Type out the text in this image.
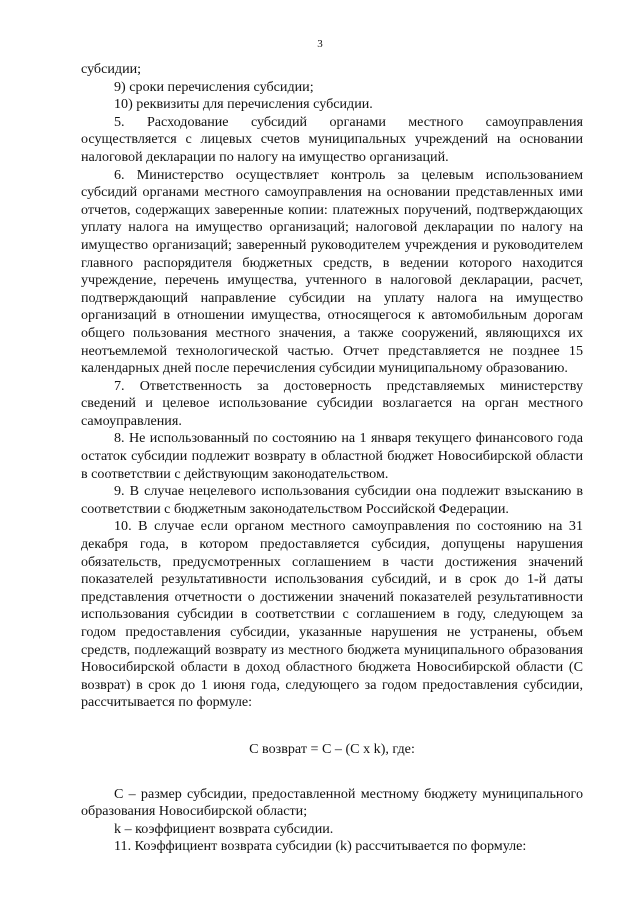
3

субсидии;

9) сроки перечисления субсидии;

10) реквизиты для перечисления субсидии.

5. Расходование субсидий органами местного самоуправления осуществляется с лицевых счетов муниципальных учреждений на основании налоговой декларации по налогу на имущество организаций.

6. Министерство осуществляет контроль за целевым использованием субсидий органами местного самоуправления на основании представленных ими отчетов, содержащих заверенные копии: платежных поручений, подтверждающих уплату налога на имущество организаций; налоговой декларации по налогу на имущество организаций; заверенный руководителем учреждения и руководителем главного распорядителя бюджетных средств, в ведении которого находится учреждение, перечень имущества, учтенного в налоговой декларации, расчет, подтверждающий направление субсидии на уплату налога на имущество организаций в отношении имущества, относящегося к автомобильным дорогам общего пользования местного значения, а также сооружений, являющихся их неотъемлемой технологической частью. Отчет представляется не позднее 15 календарных дней после перечисления субсидии муниципальному образованию.

7. Ответственность за достоверность представляемых министерству сведений и целевое использование субсидии возлагается на орган местного самоуправления.

8. Не использованный по состоянию на 1 января текущего финансового года остаток субсидии подлежит возврату в областной бюджет Новосибирской области в соответствии с действующим законодательством.

9. В случае нецелевого использования субсидии она подлежит взысканию в соответствии с бюджетным законодательством Российской Федерации.

10. В случае если органом местного самоуправления по состоянию на 31 декабря года, в котором предоставляется субсидия, допущены нарушения обязательств, предусмотренных соглашением в части достижения значений показателей результативности использования субсидий, и в срок до 1-й даты представления отчетности о достижении значений показателей результативности использования субсидии в соответствии с соглашением в году, следующем за годом предоставления субсидии, указанные нарушения не устранены, объем средств, подлежащий возврату из местного бюджета муниципального образования Новосибирской области в доход областного бюджета Новосибирской области (С возврат) в срок до 1 июня года, следующего за годом предоставления субсидии, рассчитывается по формуле:

С возврат = С – (С х k), где:

С – размер субсидии, предоставленной местному бюджету муниципального образования Новосибирской области;

k – коэффициент возврата субсидии.

11. Коэффициент возврата субсидии (k) рассчитывается по формуле:
